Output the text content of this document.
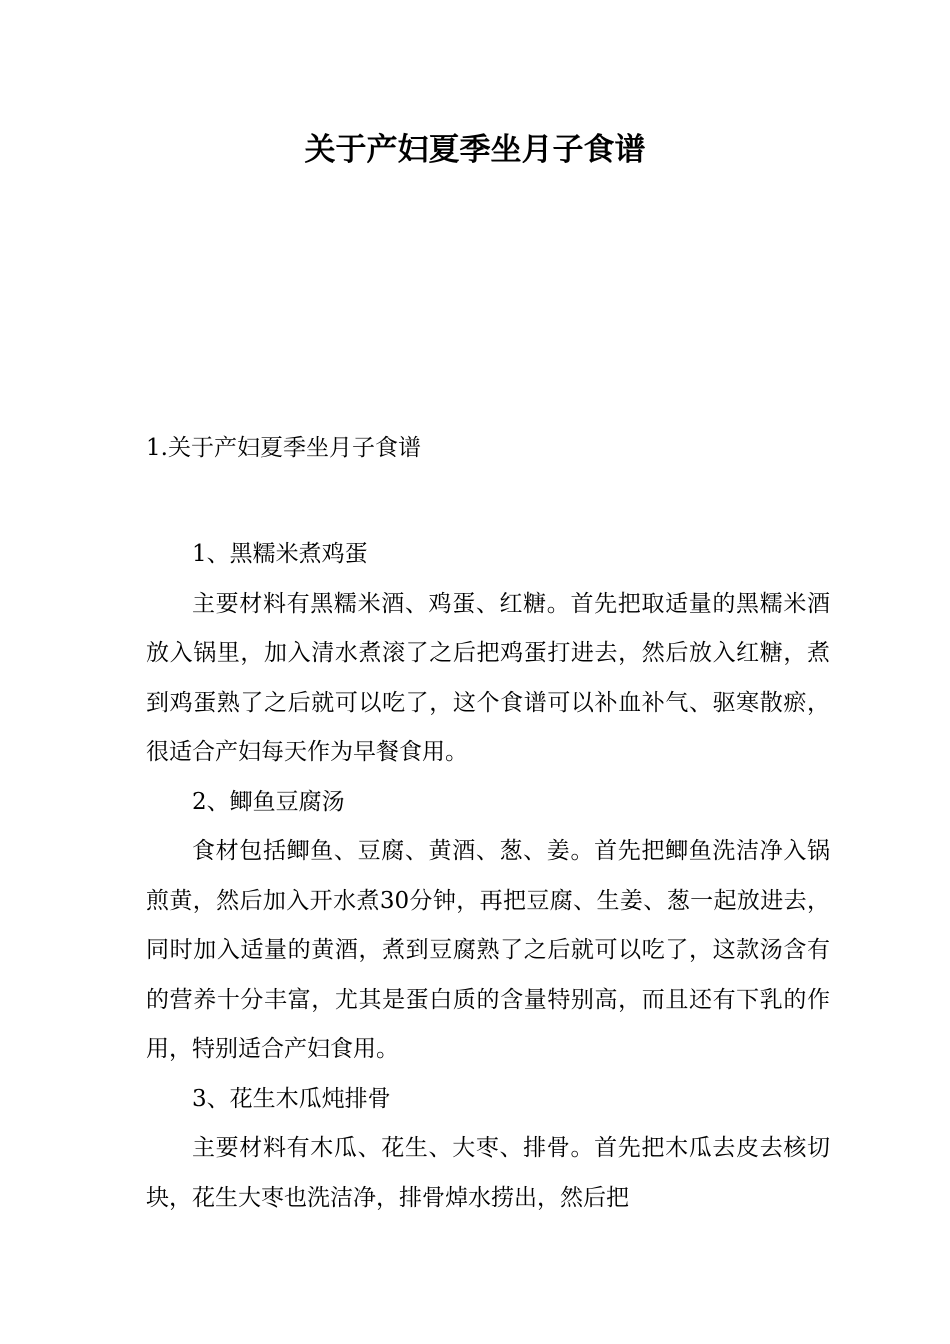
关于产妇夏季坐月子食谱

1.关于产妇夏季坐月子食谱

1、黑糯米煮鸡蛋

主要材料有黑糯米酒、鸡蛋、红糖。首先把取适量的黑糯米酒放入锅里，加入清水煮滚了之后把鸡蛋打进去，然后放入红糖，煮到鸡蛋熟了之后就可以吃了，这个食谱可以补血补气、驱寒散瘀，很适合产妇每天作为早餐食用。

2、鲫鱼豆腐汤

食材包括鲫鱼、豆腐、黄酒、葱、姜。首先把鲫鱼洗洁净入锅煎黄，然后加入开水煮30分钟，再把豆腐、生姜、葱一起放进去，同时加入适量的黄酒，煮到豆腐熟了之后就可以吃了，这款汤含有的营养十分丰富，尤其是蛋白质的含量特别高，而且还有下乳的作用，特别适合产妇食用。

3、花生木瓜炖排骨

主要材料有木瓜、花生、大枣、排骨。首先把木瓜去皮去核切块，花生大枣也洗洁净，排骨焯水捞出，然后把
